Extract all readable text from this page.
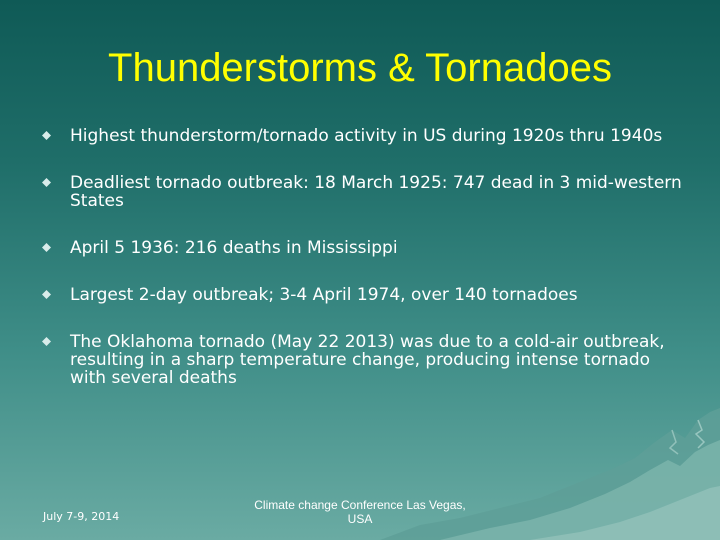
Thunderstorms & Tornadoes
Highest thunderstorm/tornado activity in US during 1920s thru 1940s
Deadliest tornado outbreak: 18 March 1925: 747 dead in 3 mid-western States
April 5 1936: 216 deaths in Mississippi
Largest 2-day outbreak; 3-4 April 1974, over 140 tornadoes
The Oklahoma tornado (May 22 2013) was due to a cold-air outbreak, resulting in a sharp temperature change, producing intense tornado with several deaths
July 7-9, 2014
Climate change Conference Las Vegas, USA
